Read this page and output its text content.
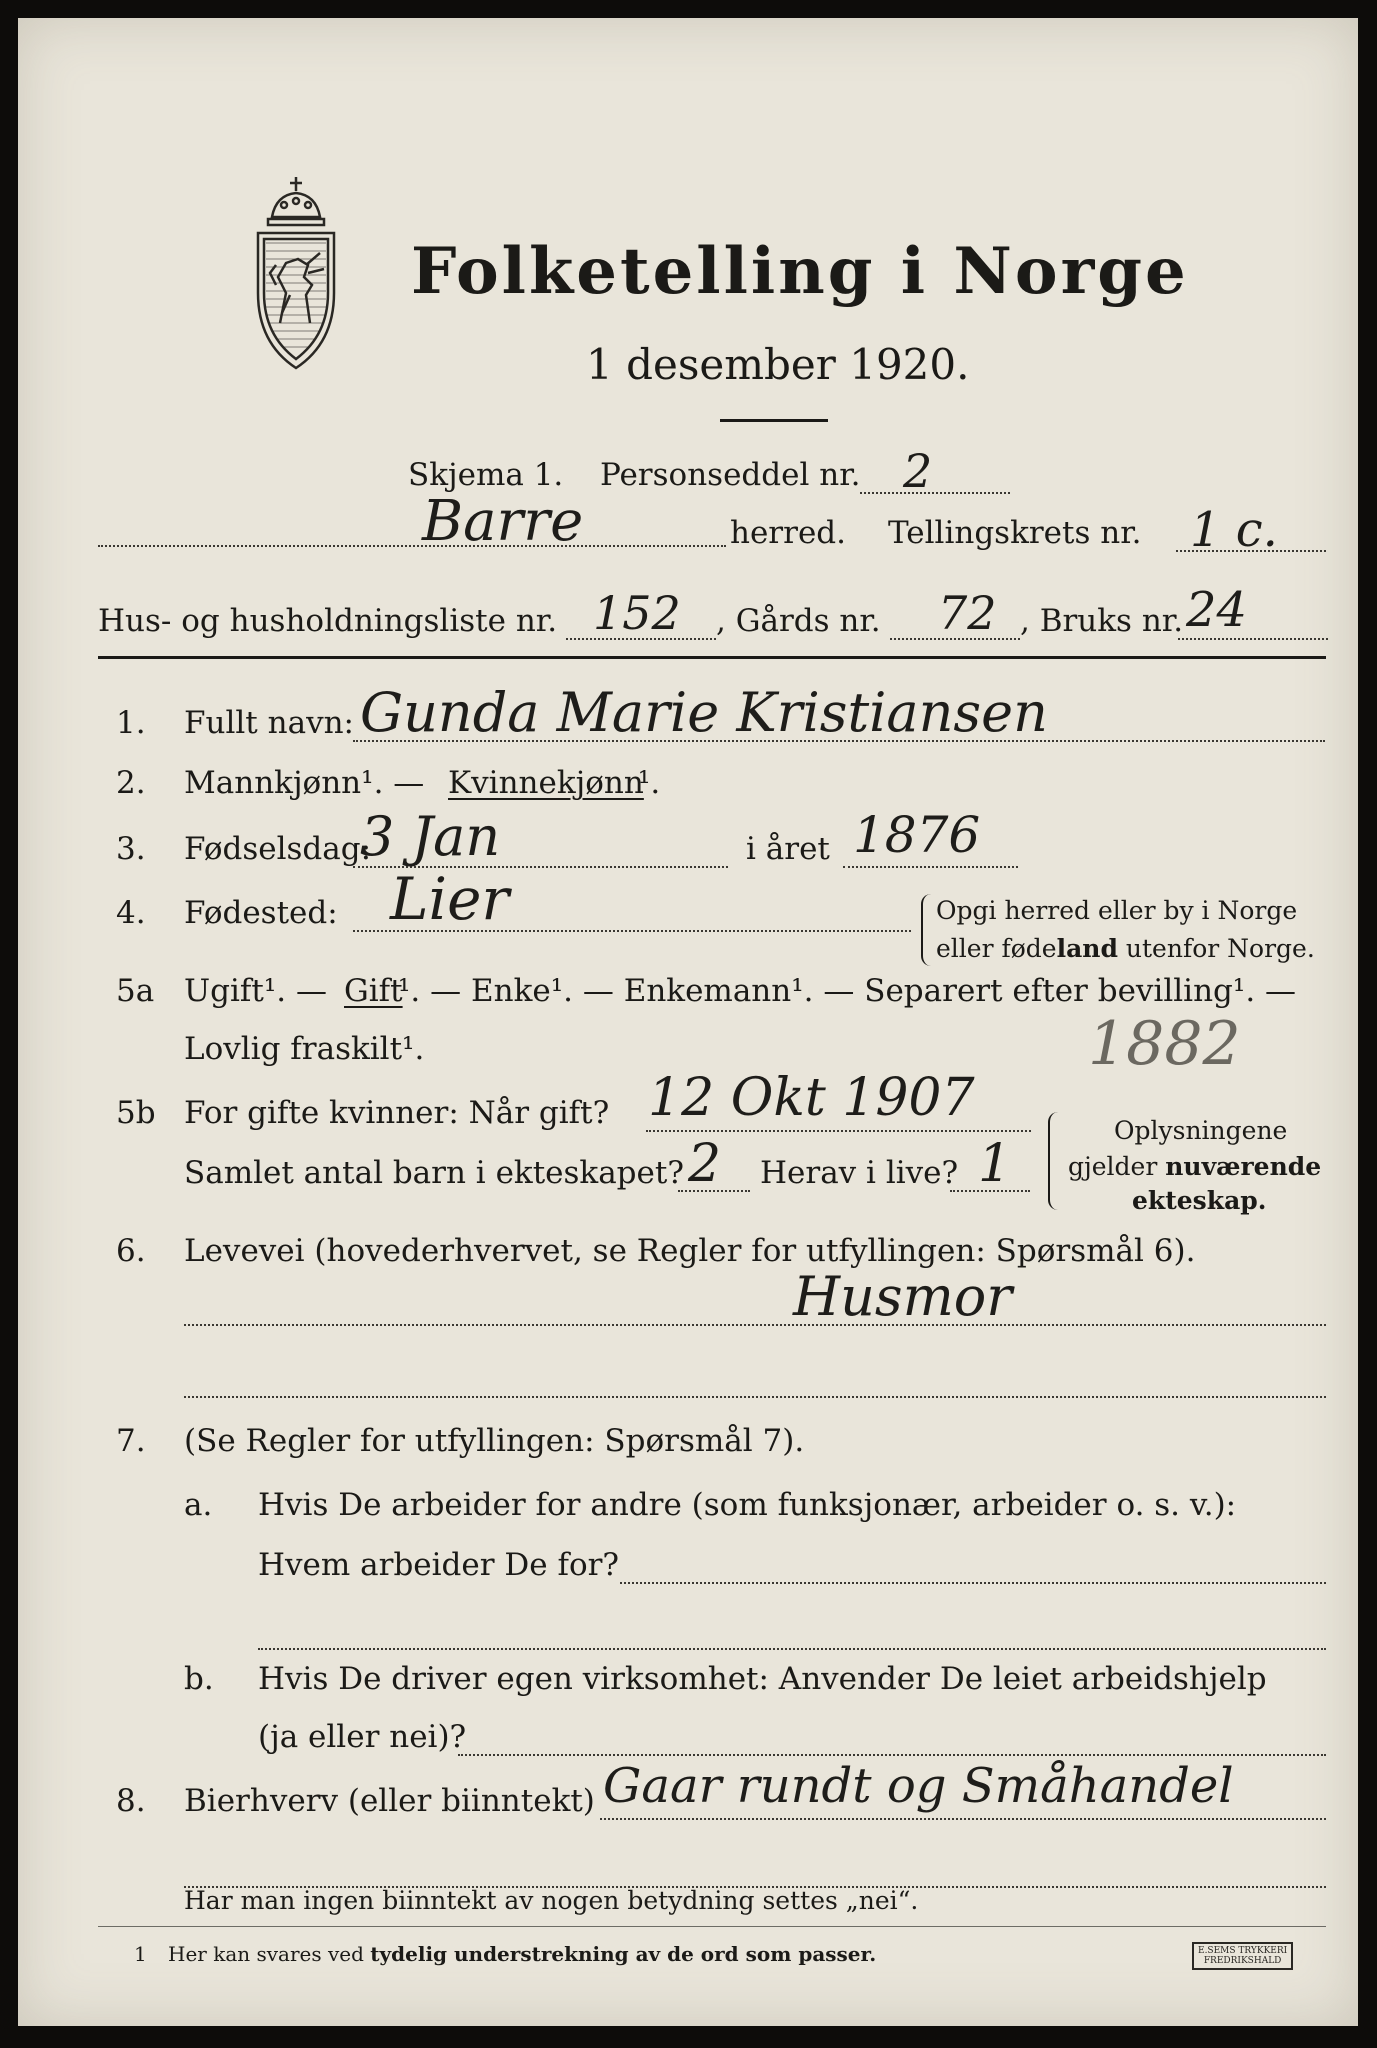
Folketelling i Norge
1 desember 1920.
Skjema 1. Personseddel nr. 2
Barre	herred. Tellingskrets nr. 1 c.
Hus- og husholdningsliste nr. 152 , Gårds nr. 72 , Bruks nr. 24
1. Fullt navn: Gunda Marie Kristiansen
2. Mannkjønn¹. — Kvinnekjønn
¹.
3. Fødselsdag:
3 Jan	i året 1876
4. Fødested: Lier	Opgi herred eller by i Norge
eller fødeland utenfor Norge.
5a Ugift¹. — Gift
¹. — Enke¹. — Enkemann¹. — Separert efter bevilling¹. —
Lovlig fraskilt¹.	1882
5b For gifte kvinner: Når gift? 12 Okt 1907
Samlet antal barn i ekteskapet? 2 Herav i live? 1
Oplysningene
gjelder nuværende
ekteskap.
6. Levevei (hovederhvervet, se Regler for utfyllingen: Spørsmål 6).
Husmor
7. (Se Regler for utfyllingen: Spørsmål 7).
a. Hvis De arbeider for andre (som funksjonær, arbeider o. s. v.):
Hvem arbeider De for?
b. Hvis De driver egen virksomhet: Anvender De leiet arbeidshjelp
(ja eller nei)?
8. Bierhverv (eller biinntekt) Gaar rundt og Småhandel
Har man ingen biinntekt av nogen betydning settes „nei“.
1 Her kan svares ved tydelig understrekning av de ord som passer.	E.SEMS TRYKKERI
FREDRIKSHALD
